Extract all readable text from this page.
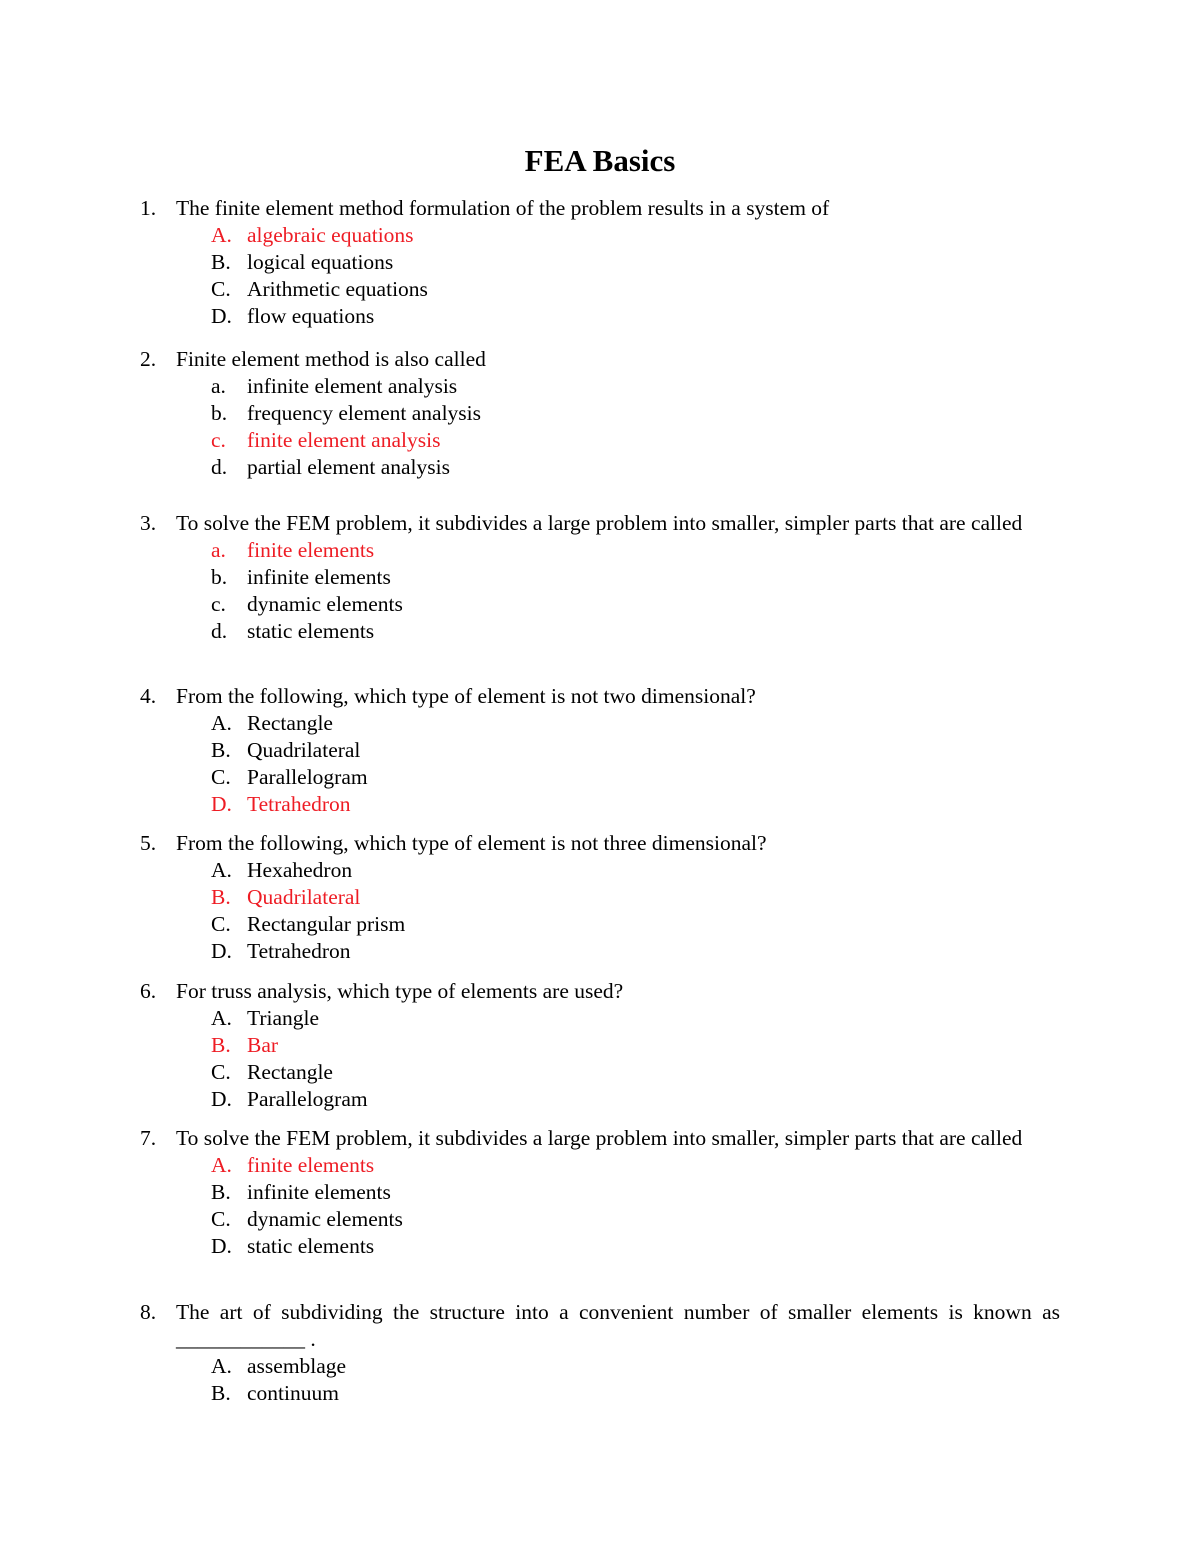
FEA Basics
1. The finite element method formulation of the problem results in a system of
A. algebraic equations
B. logical equations
C. Arithmetic equations
D. flow equations
2. Finite element method is also called
a. infinite element analysis
b. frequency element analysis
c. finite element analysis
d. partial element analysis
3. To solve the FEM problem, it subdivides a large problem into smaller, simpler parts that are called
a. finite elements
b. infinite elements
c. dynamic elements
d. static elements
4. From the following, which type of element is not two dimensional?
A. Rectangle
B. Quadrilateral
C. Parallelogram
D. Tetrahedron
5. From the following, which type of element is not three dimensional?
A. Hexahedron
B. Quadrilateral
C. Rectangular prism
D. Tetrahedron
6. For truss analysis, which type of elements are used?
A. Triangle
B. Bar
C. Rectangle
D. Parallelogram
7. To solve the FEM problem, it subdivides a large problem into smaller, simpler parts that are called
A. finite elements
B. infinite elements
C. dynamic elements
D. static elements
8. The art of subdividing the structure into a convenient number of smaller elements is known as ____________ .
A. assemblage
B. continuum
